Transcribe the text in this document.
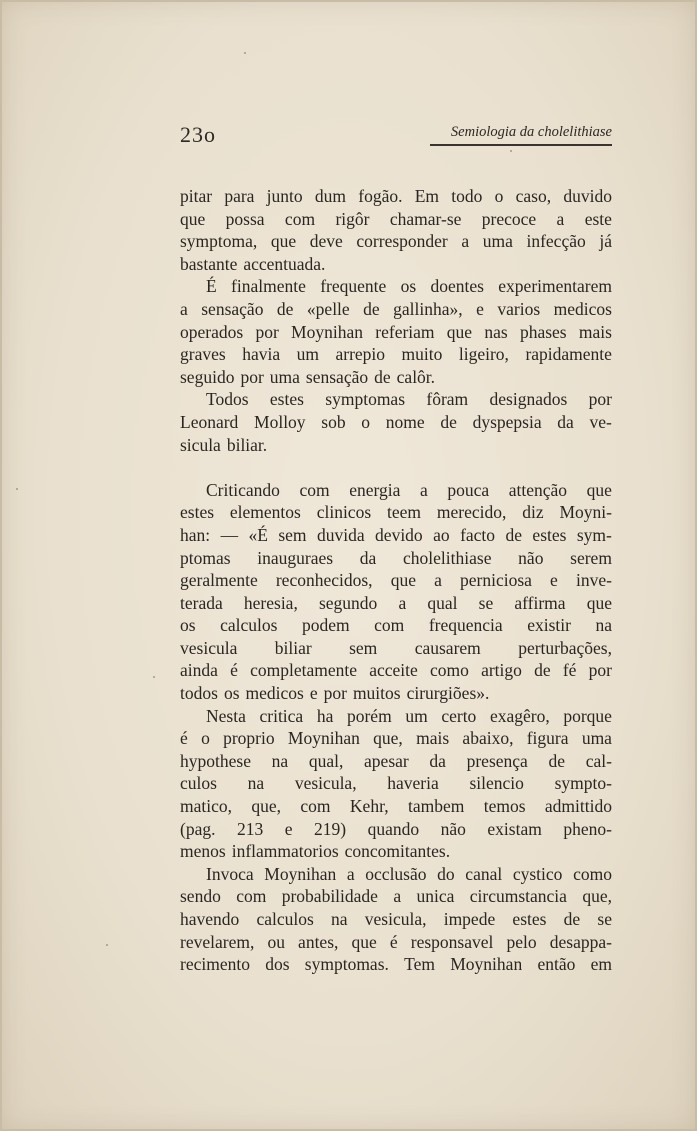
23o	Semiologia da cholelithiase
pitar para junto dum fogão. Em todo o caso, duvido
que possa com rigôr chamar-se precoce a este
symptoma, que deve corresponder a uma infecção já
bastante accentuada.
É finalmente frequente os doentes experimentarem
a sensação de «pelle de gallinha», e varios medicos
operados por Moynihan referiam que nas phases mais
graves havia um arrepio muito ligeiro, rapidamente
seguido por uma sensação de calôr.
Todos estes symptomas fôram designados por
Leonard Molloy sob o nome de dyspepsia da ve-
sicula biliar.
Criticando com energia a pouca attenção que
estes elementos clinicos teem merecido, diz Moyni-
han: — «É sem duvida devido ao facto de estes sym-
ptomas inauguraes da cholelithiase não serem
geralmente reconhecidos, que a perniciosa e inve-
terada heresia, segundo a qual se affirma que
os calculos podem com frequencia existir na
vesicula biliar sem causarem perturbações,
ainda é completamente acceite como artigo de fé por
todos os medicos e por muitos cirurgiões».
Nesta critica ha porém um certo exagêro, porque
é o proprio Moynihan que, mais abaixo, figura uma
hypothese na qual, apesar da presença de cal-
culos na vesicula, haveria silencio sympto-
matico, que, com Kehr, tambem temos admittido
(pag. 213 e 219) quando não existam pheno-
menos inflammatorios concomitantes.
Invoca Moynihan a occlusão do canal cystico como
sendo com probabilidade a unica circumstancia que,
havendo calculos na vesicula, impede estes de se
revelarem, ou antes, que é responsavel pelo desappa-
recimento dos symptomas. Tem Moynihan então em
